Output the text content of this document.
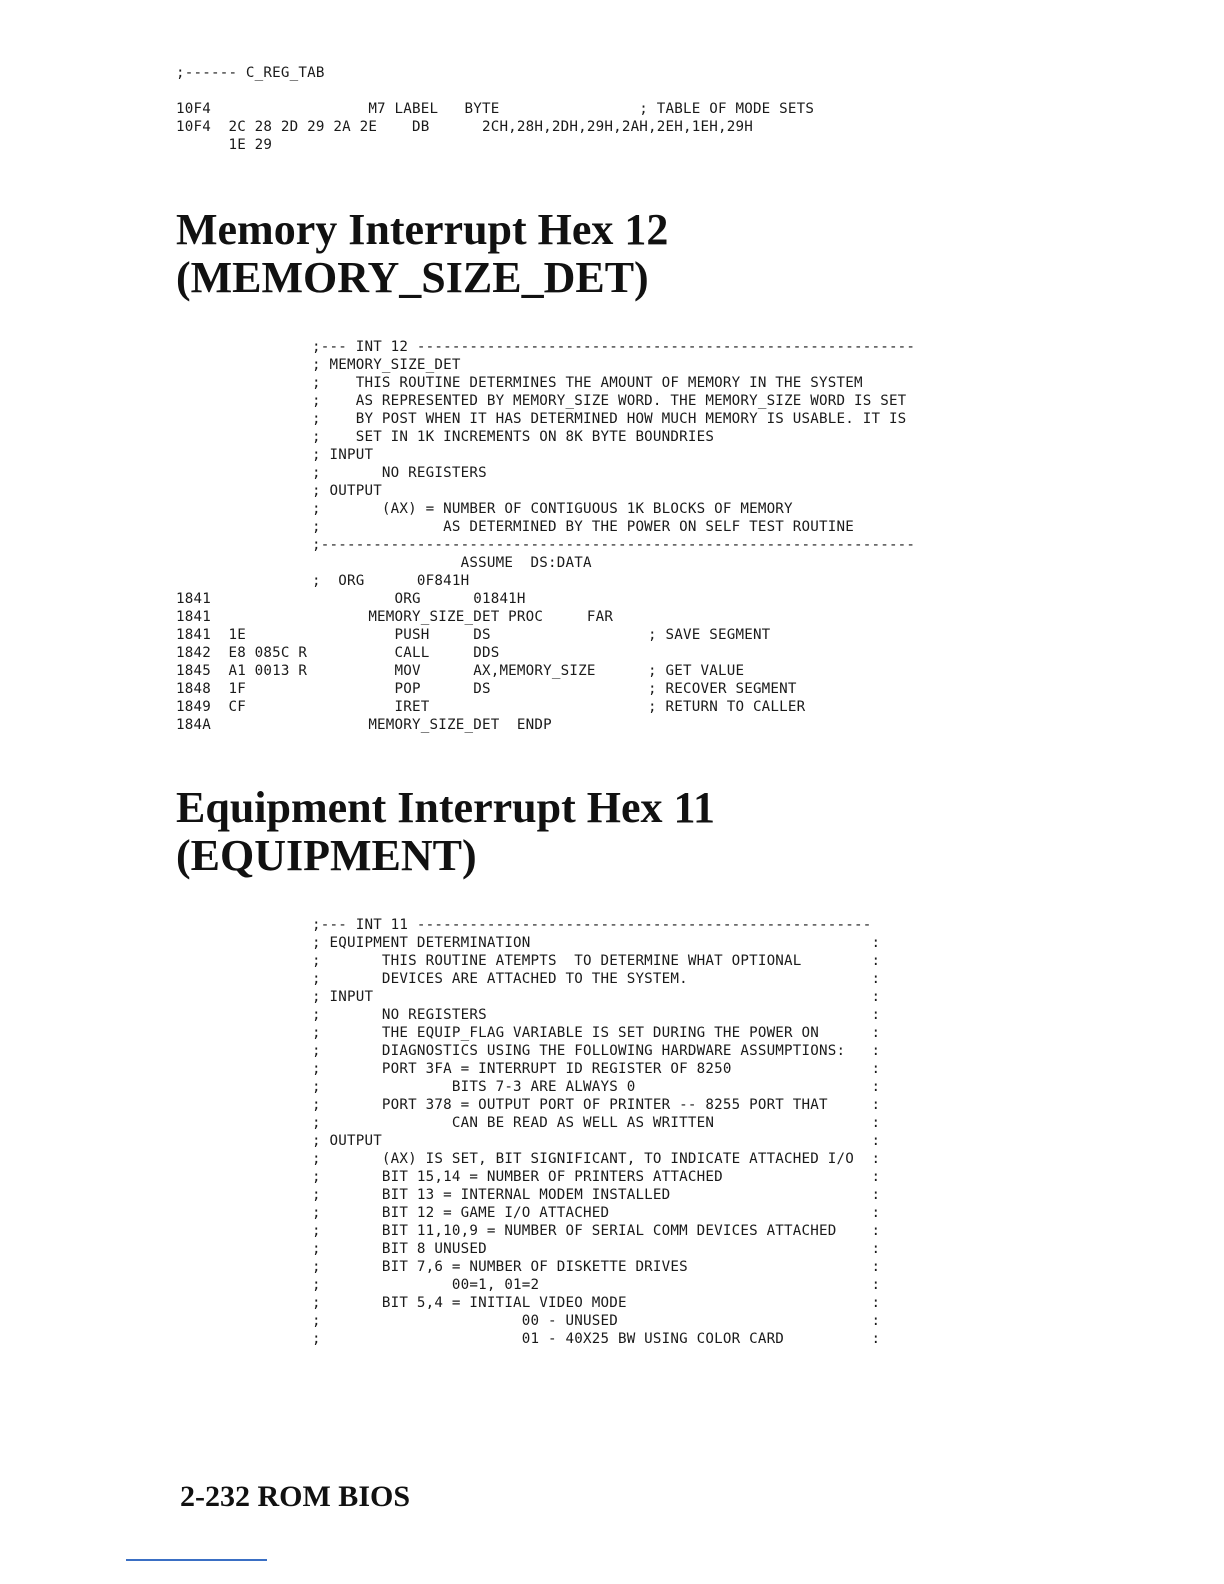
;------ C_REG_TAB

10F4                  M7 LABEL   BYTE                ; TABLE OF MODE SETS
10F4  2C 28 2D 29 2A 2E    DB      2CH,28H,2DH,29H,2AH,2EH,1EH,29H
1E 29
Memory Interrupt Hex 12
(MEMORY_SIZE_DET)
;--- INT 12 ---------------------------------------------------------
; MEMORY_SIZE_DET
;    THIS ROUTINE DETERMINES THE AMOUNT OF MEMORY IN THE SYSTEM
;    AS REPRESENTED BY MEMORY_SIZE WORD. THE MEMORY_SIZE WORD IS SET
;    BY POST WHEN IT HAS DETERMINED HOW MUCH MEMORY IS USABLE. IT IS
;    SET IN 1K INCREMENTS ON 8K BYTE BOUNDRIES
; INPUT
;       NO REGISTERS
; OUTPUT
;       (AX) = NUMBER OF CONTIGUOUS 1K BLOCKS OF MEMORY
;              AS DETERMINED BY THE POWER ON SELF TEST ROUTINE
;--------------------------------------------------------------------
ASSUME  DS:DATA
;  ORG      0F841H
1841                     ORG      01841H
1841                  MEMORY_SIZE_DET PROC     FAR
1841  1E                 PUSH     DS                  ; SAVE SEGMENT
1842  E8 085C R          CALL     DDS
1845  A1 0013 R          MOV      AX,MEMORY_SIZE      ; GET VALUE
1848  1F                 POP      DS                  ; RECOVER SEGMENT
1849  CF                 IRET                         ; RETURN TO CALLER
184A                  MEMORY_SIZE_DET  ENDP
Equipment Interrupt Hex 11
(EQUIPMENT)
;--- INT 11 ----------------------------------------------------
; EQUIPMENT DETERMINATION                                       :
;       THIS ROUTINE ATEMPTS  TO DETERMINE WHAT OPTIONAL        :
;       DEVICES ARE ATTACHED TO THE SYSTEM.                     :
; INPUT                                                         :
;       NO REGISTERS                                            :
;       THE EQUIP_FLAG VARIABLE IS SET DURING THE POWER ON      :
;       DIAGNOSTICS USING THE FOLLOWING HARDWARE ASSUMPTIONS:   :
;       PORT 3FA = INTERRUPT ID REGISTER OF 8250                :
;               BITS 7-3 ARE ALWAYS 0                           :
;       PORT 378 = OUTPUT PORT OF PRINTER -- 8255 PORT THAT     :
;               CAN BE READ AS WELL AS WRITTEN                  :
; OUTPUT                                                        :
;       (AX) IS SET, BIT SIGNIFICANT, TO INDICATE ATTACHED I/O  :
;       BIT 15,14 = NUMBER OF PRINTERS ATTACHED                 :
;       BIT 13 = INTERNAL MODEM INSTALLED                       :
;       BIT 12 = GAME I/O ATTACHED                              :
;       BIT 11,10,9 = NUMBER OF SERIAL COMM DEVICES ATTACHED    :
;       BIT 8 UNUSED                                            :
;       BIT 7,6 = NUMBER OF DISKETTE DRIVES                     :
;               00=1, 01=2                                      :
;       BIT 5,4 = INITIAL VIDEO MODE                            :
;                       00 - UNUSED                             :
;                       01 - 40X25 BW USING COLOR CARD          :

2-232 ROM BIOS
